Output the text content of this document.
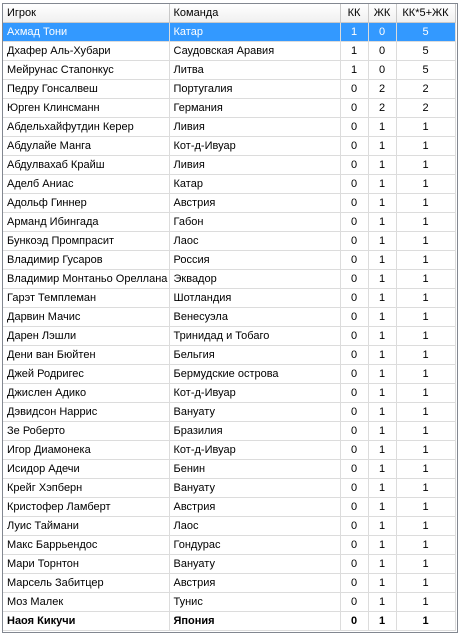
Игрок	Команда	КК	ЖК	КК*5+ЖК
Ахмад Тони	Катар	1	0	5
Дхафер Аль-Хубари	Саудовская Аравия	1	0	5
Мейрунас Стапонкус	Литва	1	0	5
Педру Гонсалвеш	Португалия	0	2	2
Юрген Клинсманн	Германия	0	2	2
Абдельхайфутдин Керер	Ливия	0	1	1
Абдулайе Манга	Кот-д-Ивуар	0	1	1
Абдулвахаб Крайш	Ливия	0	1	1
Аделб Аниас	Катар	0	1	1
Адольф Гиннер	Австрия	0	1	1
Арманд Ибингада	Габон	0	1	1
Бункоэд Промпрасит	Лаос	0	1	1
Владимир Гусаров	Россия	0	1	1
Владимир Монтаньо Ореллана	Эквадор	0	1	1
Гарэт Темплеман	Шотландия	0	1	1
Дарвин Мачис	Венесуэла	0	1	1
Дарен Лэшли	Тринидад и Тобаго	0	1	1
Дени ван Бюйтен	Бельгия	0	1	1
Джей Родригес	Бермудские острова	0	1	1
Джислен Адико	Кот-д-Ивуар	0	1	1
Дэвидсон Наррис	Вануату	0	1	1
Зе Роберто	Бразилия	0	1	1
Игор Диамонека	Кот-д-Ивуар	0	1	1
Исидор Адечи	Бенин	0	1	1
Крейг Хэпберн	Вануату	0	1	1
Кристофер Ламберт	Австрия	0	1	1
Луис Таймани	Лаос	0	1	1
Макс Баррьендос	Гондурас	0	1	1
Мари Торнтон	Вануату	0	1	1
Марсель Забитцер	Австрия	0	1	1
Моз Малек	Тунис	0	1	1
Наоя Кикучи	Япония	0	1	1
